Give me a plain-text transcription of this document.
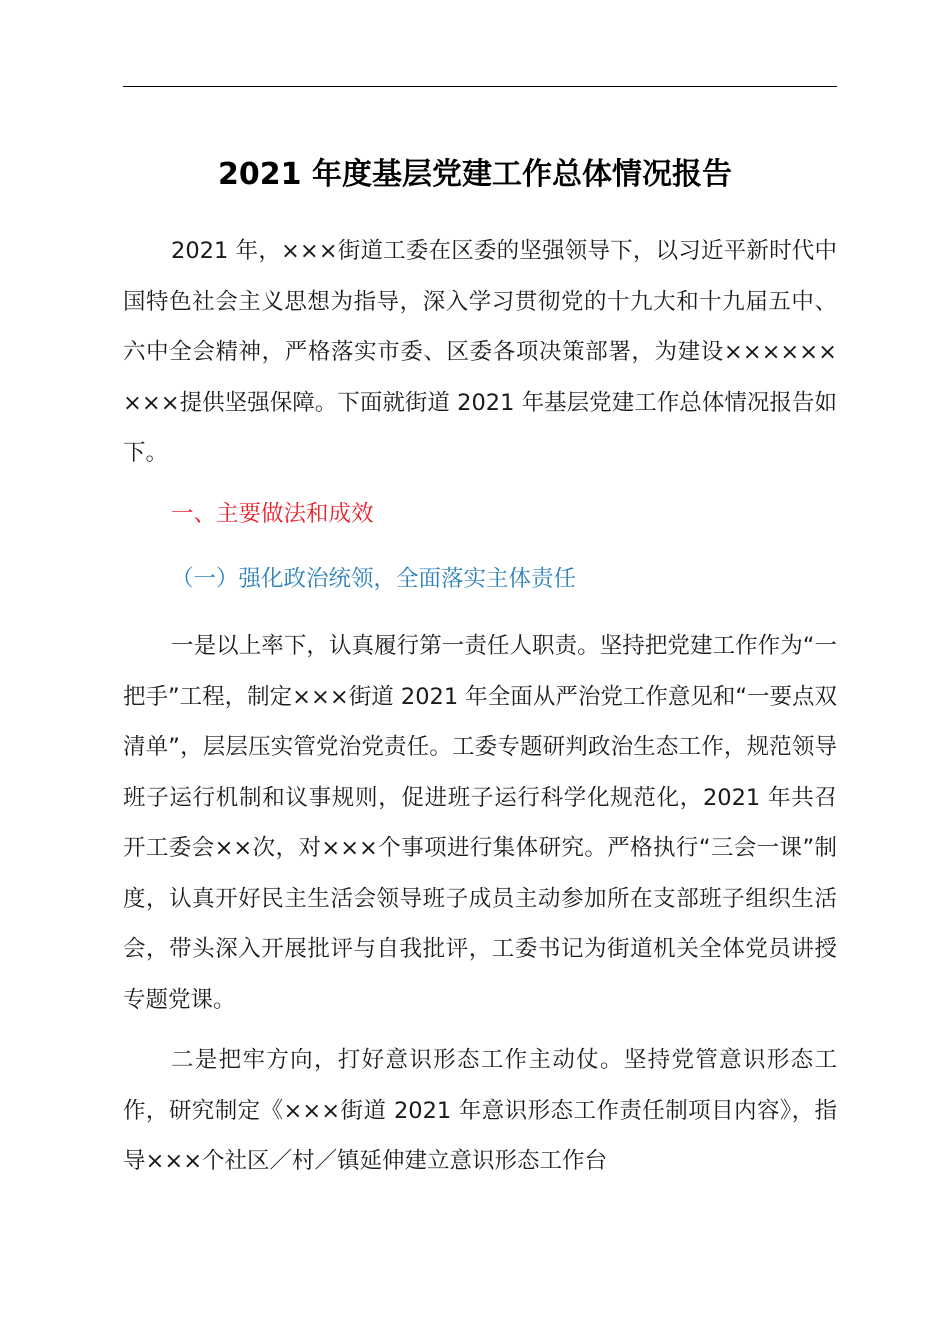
2021 年度基层党建工作总体情况报告

2021 年，×××街道工委在区委的坚强领导下，以习近平新时代中国特色社会主义思想为指导，深入学习贯彻党的十九大和十九届五中、六中全会精神，严格落实市委、区委各项决策部署，为建设×××××××××提供坚强保障。下面就街道 2021 年基层党建工作总体情况报告如下。

一、主要做法和成效

（一）强化政治统领，全面落实主体责任

一是以上率下，认真履行第一责任人职责。坚持把党建工作作为“一把手”工程，制定×××街道 2021 年全面从严治党工作意见和“一要点双清单”，层层压实管党治党责任。工委专题研判政治生态工作，规范领导班子运行机制和议事规则，促进班子运行科学化规范化，2021 年共召开工委会××次，对×××个事项进行集体研究。严格执行“三会一课”制度，认真开好民主生活会领导班子成员主动参加所在支部班子组织生活会，带头深入开展批评与自我批评，工委书记为街道机关全体党员讲授专题党课。

二是把牢方向，打好意识形态工作主动仗。坚持党管意识形态工作，研究制定《×××街道 2021 年意识形态工作责任制项目内容》，指导×××个社区／村／镇延伸建立意识形态工作台
